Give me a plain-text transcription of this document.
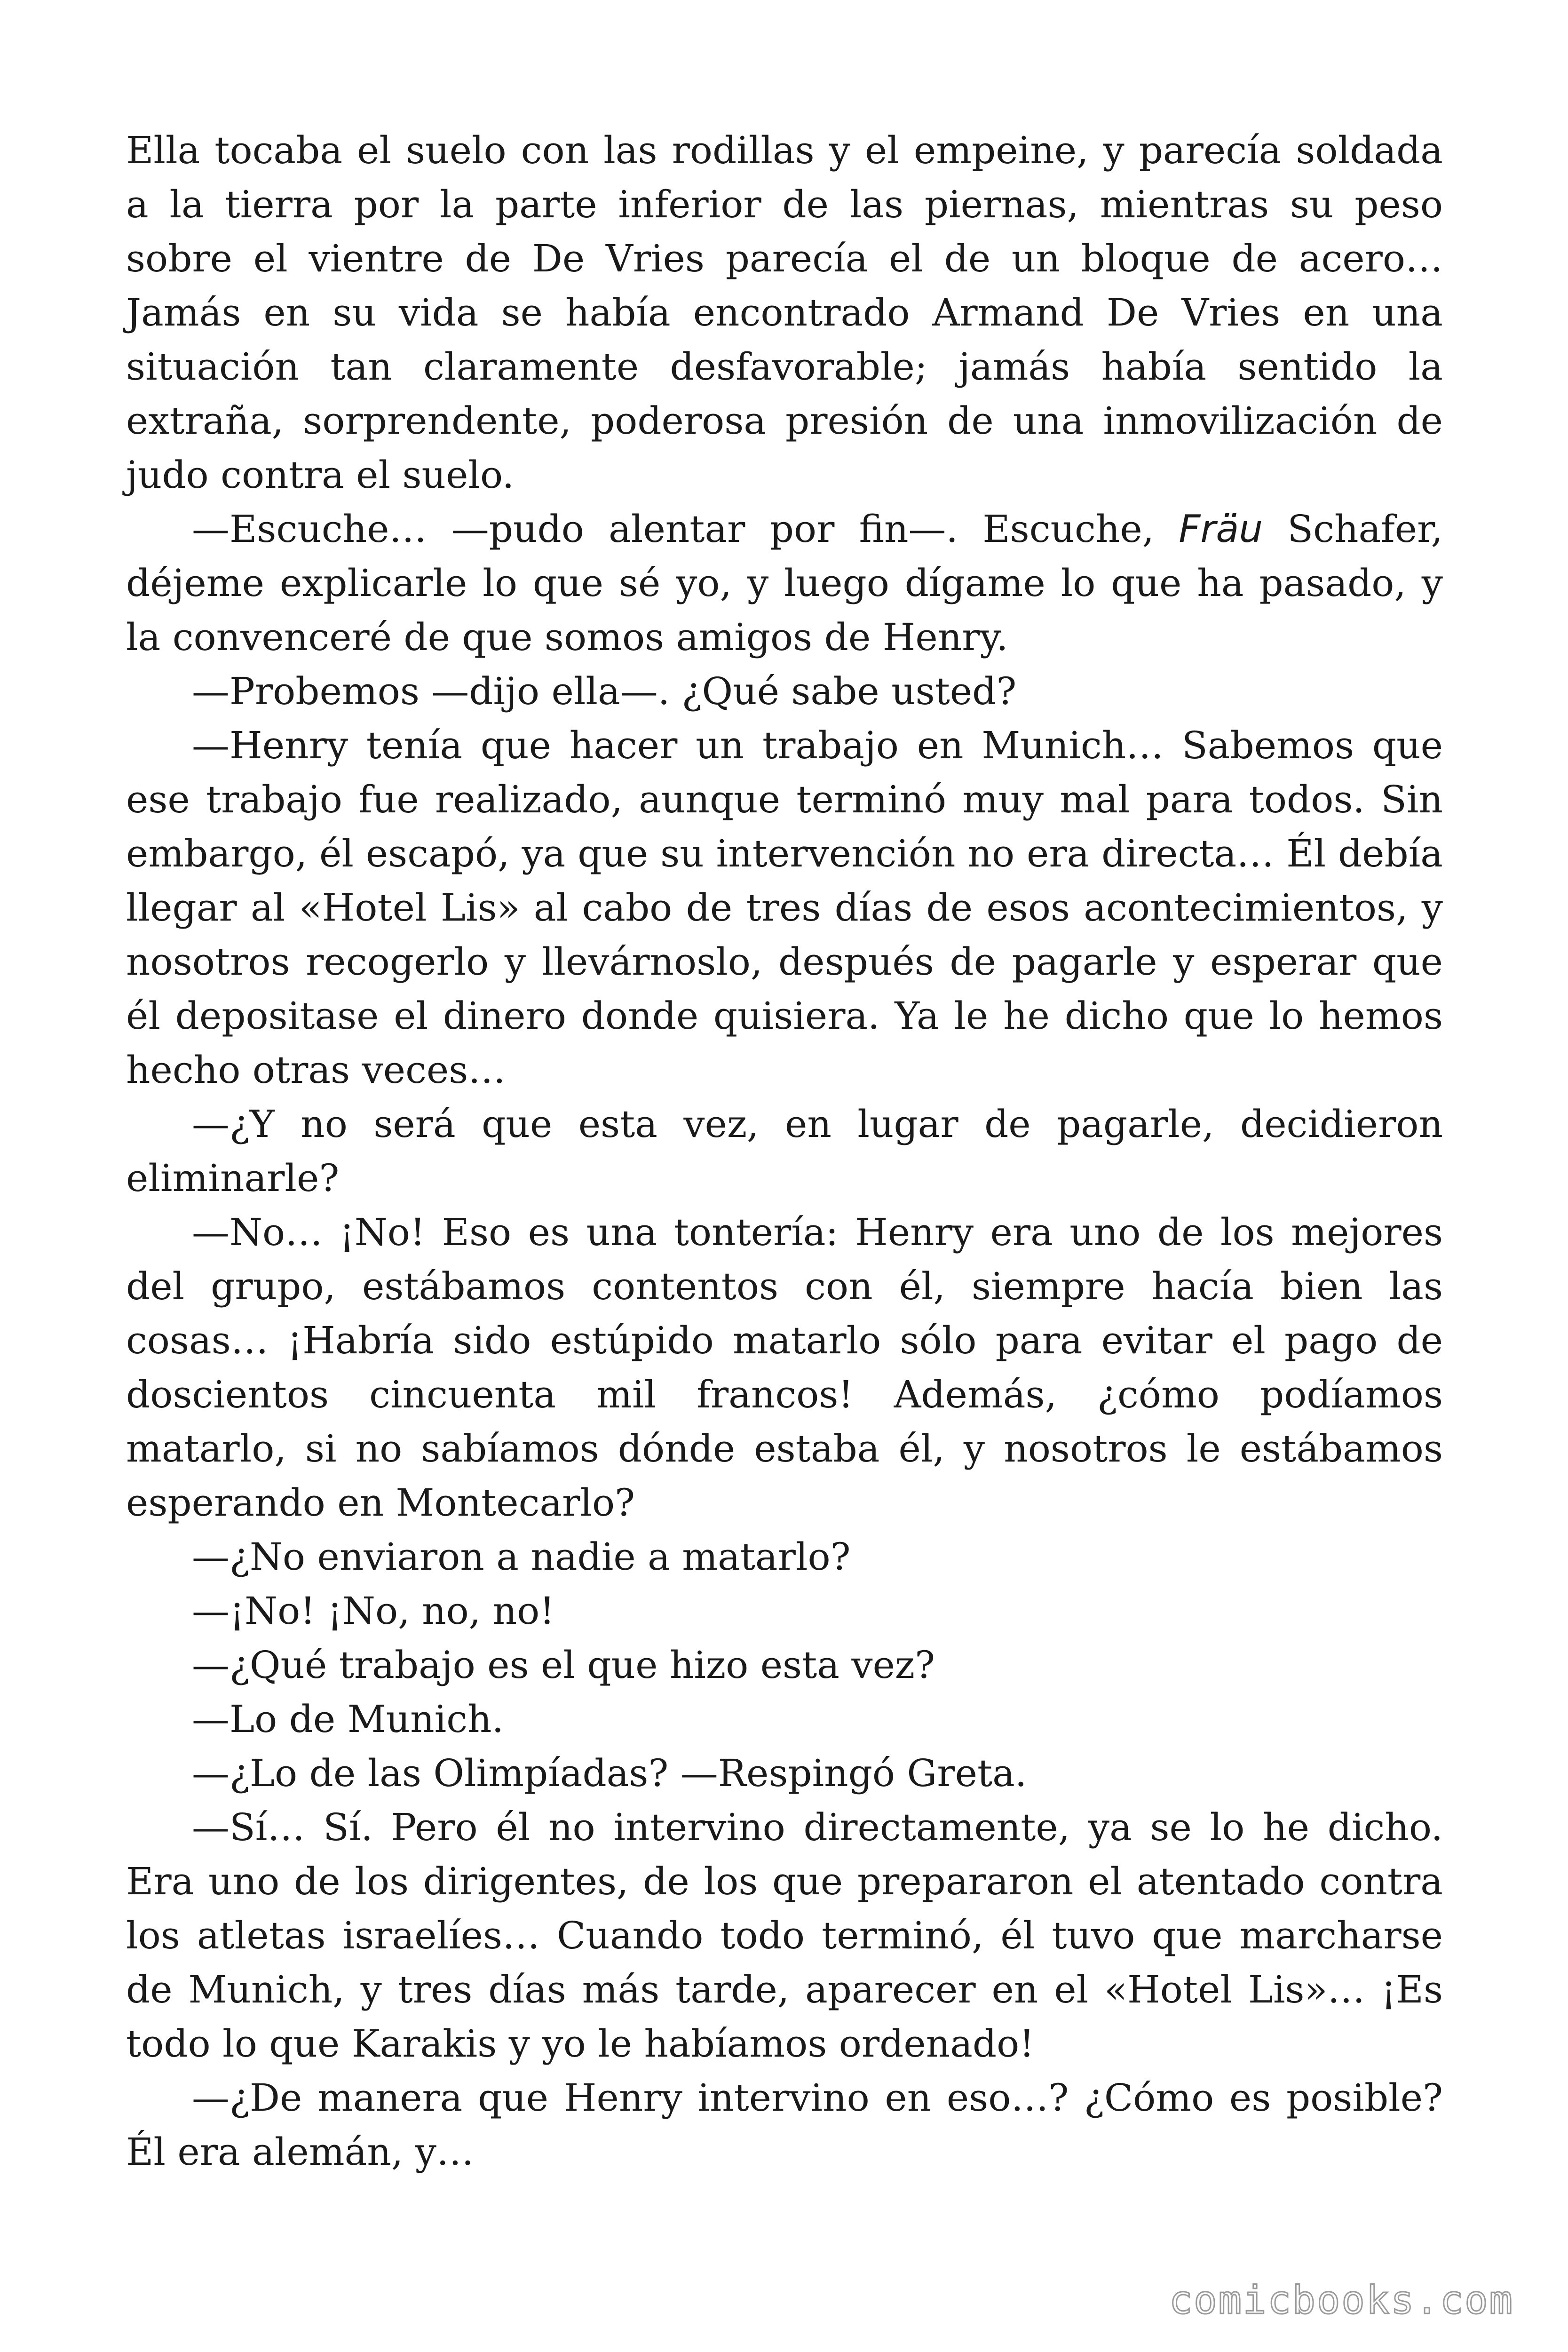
Ella tocaba el suelo con las rodillas y el empeine, y parecía soldada a la tierra por la parte inferior de las piernas, mientras su peso sobre el vientre de De Vries parecía el de un bloque de acero… Jamás en su vida se había encontrado Armand De Vries en una situación tan claramente desfavorable; jamás había sentido la extraña, sorprendente, poderosa presión de una inmovilización de judo contra el suelo.

—Escuche… —pudo alentar por fin—. Escuche, Fräu Schafer, déjeme explicarle lo que sé yo, y luego dígame lo que ha pasado, y la convenceré de que somos amigos de Henry.

—Probemos —dijo ella—. ¿Qué sabe usted?

—Henry tenía que hacer un trabajo en Munich… Sabemos que ese trabajo fue realizado, aunque terminó muy mal para todos. Sin embargo, él escapó, ya que su intervención no era directa… Él debía llegar al «Hotel Lis» al cabo de tres días de esos acontecimientos, y nosotros recogerlo y llevárnoslo, después de pagarle y esperar que él depositase el dinero donde quisiera. Ya le he dicho que lo hemos hecho otras veces…

—¿Y no será que esta vez, en lugar de pagarle, decidieron eliminarle?

—No… ¡No! Eso es una tontería: Henry era uno de los mejores del grupo, estábamos contentos con él, siempre hacía bien las cosas… ¡Habría sido estúpido matarlo sólo para evitar el pago de doscientos cincuenta mil francos! Además, ¿cómo podíamos matarlo, si no sabíamos dónde estaba él, y nosotros le estábamos esperando en Montecarlo?

—¿No enviaron a nadie a matarlo?

—¡No! ¡No, no, no!

—¿Qué trabajo es el que hizo esta vez?

—Lo de Munich.

—¿Lo de las Olimpíadas? —Respingó Greta.

—Sí… Sí. Pero él no intervino directamente, ya se lo he dicho. Era uno de los dirigentes, de los que prepararon el atentado contra los atletas israelíes… Cuando todo terminó, él tuvo que marcharse de Munich, y tres días más tarde, aparecer en el «Hotel Lis»… ¡Es todo lo que Karakis y yo le habíamos ordenado!

—¿De manera que Henry intervino en eso…? ¿Cómo es posible? Él era alemán, y…

comicbooks.com
